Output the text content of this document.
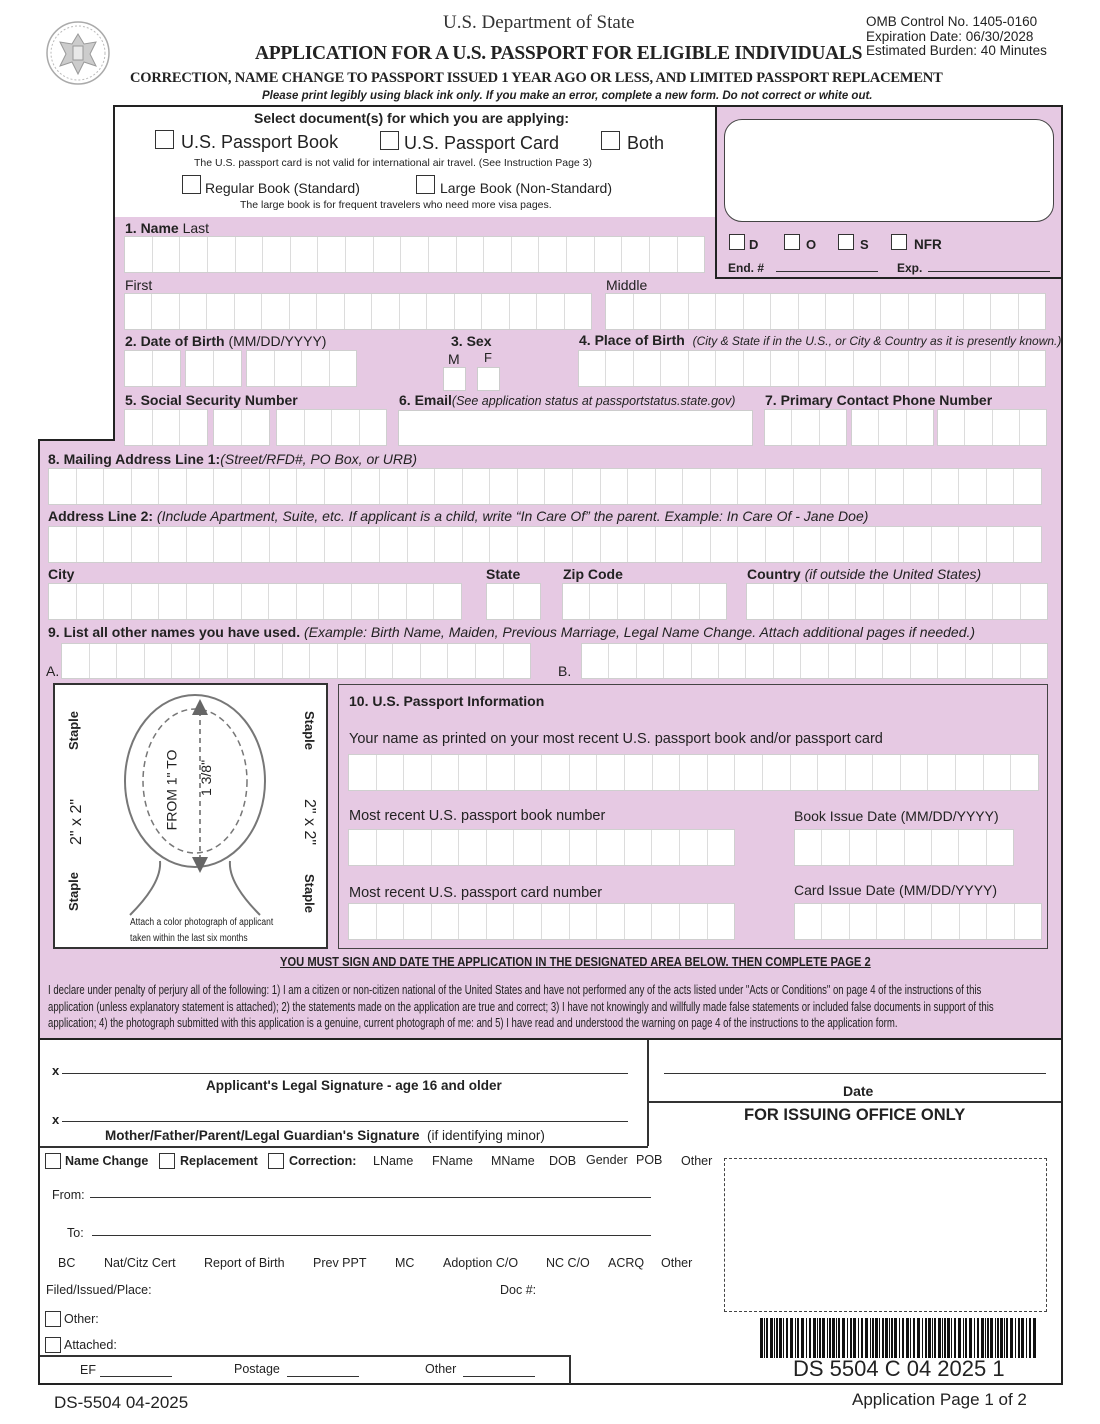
U.S. Department of State
APPLICATION FOR A U.S. PASSPORT FOR ELIGIBLE INDIVIDUALS
CORRECTION, NAME CHANGE TO PASSPORT ISSUED 1 YEAR AGO OR LESS, AND LIMITED PASSPORT REPLACEMENT
Please print legibly using black ink only. If you make an error, complete a new form. Do not correct or white out.
OMB Control No. 1405-0160
Expiration Date: 06/30/2028
Estimated Burden: 40 Minutes
Select document(s) for which you are applying:
U.S. Passport Book	U.S. Passport Card	Both
The U.S. passport card is not valid for international air travel. (See Instruction Page 3)
Regular Book (Standard)	Large Book (Non-Standard)
The large book is for frequent travelers who need more visa pages.
D	O	S	NFR
End. #	Exp.
1. Name Last
First	Middle
2. Date of Birth (MM/DD/YYYY)	3. Sex
M F
4. Place of Birth (City & State if in the U.S., or City & Country as it is presently known.)
5. Social Security Number	6. Email(See application status at passportstatus.state.gov) 7. Primary Contact Phone Number
8. Mailing Address Line 1:(Street/RFD#, PO Box, or URB)
Address Line 2: (Include Apartment, Suite, etc. If applicant is a child, write “In Care Of” the parent. Example: In Care Of - Jane Doe)
City	State	Zip Code	Country (if outside the United States)
9. List all other names you have used. (Example: Birth Name, Maiden, Previous Marriage, Legal Name Change. Attach additional pages if needed.)
A.	B.
Staple
Staple
Staple
Staple
2" x 2"	2" x 2"
FROM 1" TO 1 3/8"
Attach a color photograph of applicant
taken within the last six months
10. U.S. Passport Information
Your name as printed on your most recent U.S. passport book and/or passport card
Most recent U.S. passport book number	Book Issue Date (MM/DD/YYYY)
Most recent U.S. passport card number	Card Issue Date (MM/DD/YYYY)
YOU MUST SIGN AND DATE THE APPLICATION IN THE DESIGNATED AREA BELOW. THEN COMPLETE PAGE 2
I declare under penalty of perjury all of the following: 1) I am a citizen or non-citizen national of the United States and have not performed any of the acts listed under "Acts or Conditions" on page 4 of the instructions of this
application (unless explanatory statement is attached); 2) the statements made on the application are true and correct; 3) I have not knowingly and willfully made false statements or included false documents in support of this
application; 4) the photograph submitted with this application is a genuine, current photograph of me: and 5) I have read and understood the warning on page 4 of the instructions to the application form.
x
Applicant's Legal Signature - age 16 and older
x
Mother/Father/Parent/Legal Guardian's Signature (if identifying minor)
Date
FOR ISSUING OFFICE ONLY
Name Change	Replacement Correction: LName FName MName DOB Gender POB Other
From:
To:
BC Nat/Citz Cert Report of Birth Prev PPT MC Adoption C/O NC C/O ACRQ Other
Filed/Issued/Place:	Doc #:
Other:
Attached:
EF	Postage	Other	DS 5504 C 04 2025 1
DS-5504 04-2025	Application Page 1 of 2
